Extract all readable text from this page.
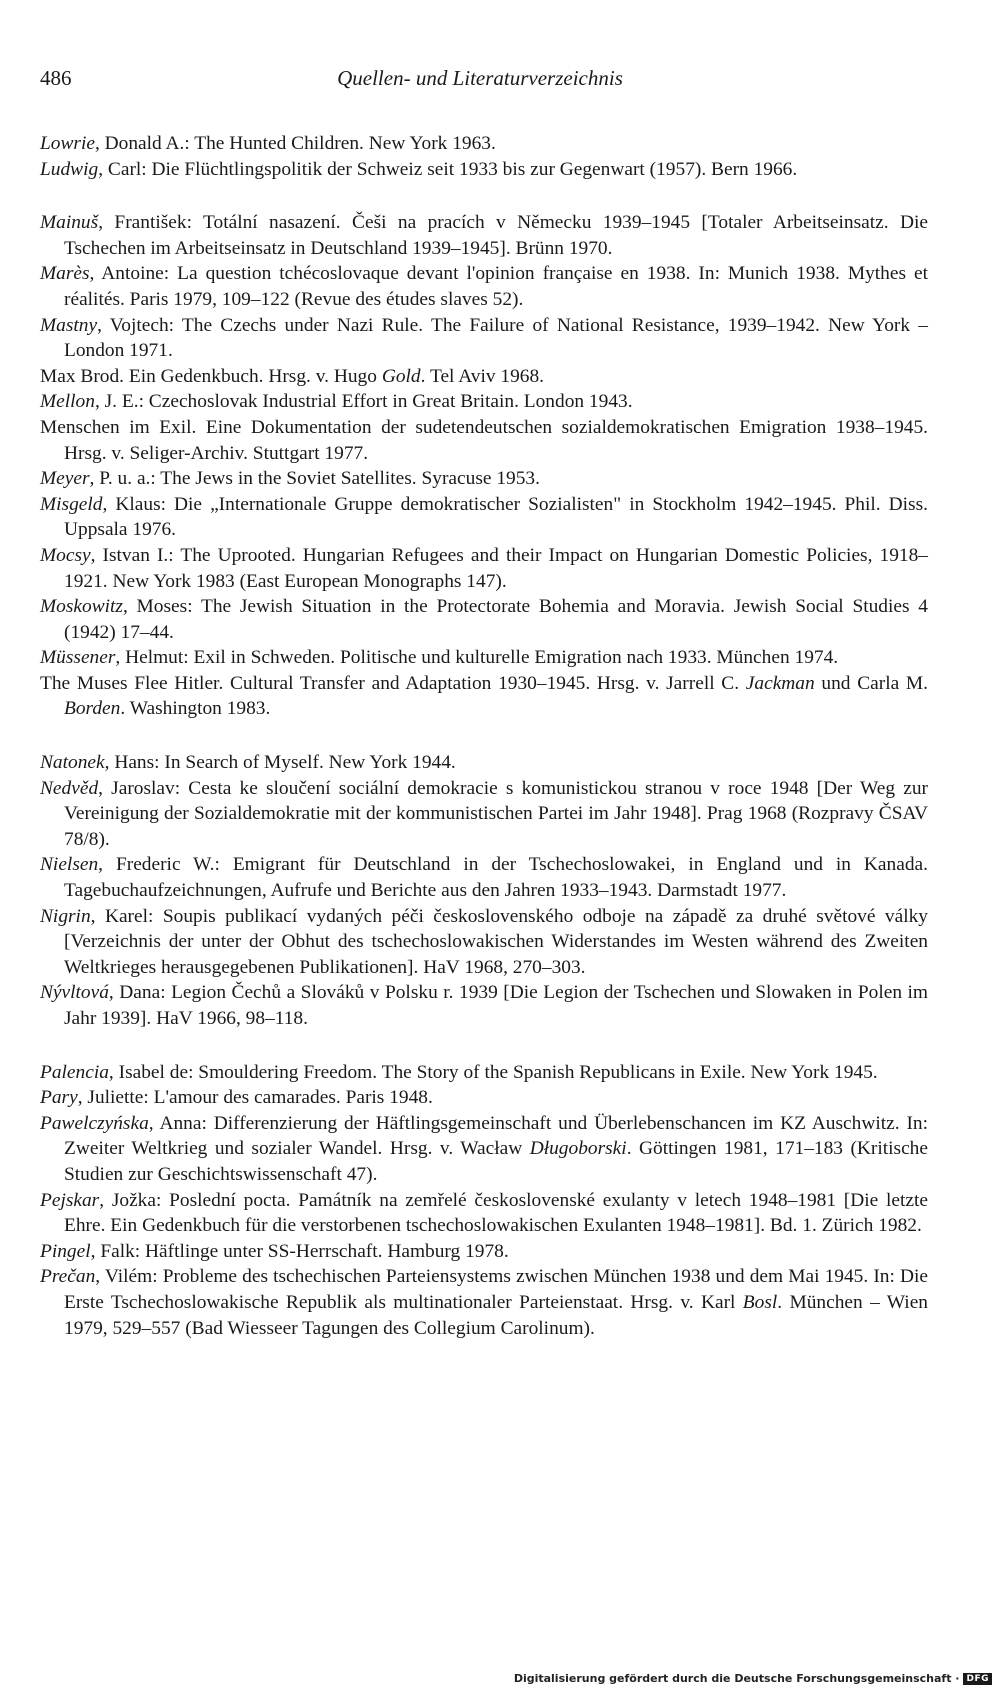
486	Quellen- und Literaturverzeichnis

Lowrie, Donald A.: The Hunted Children. New York 1963.

Ludwig, Carl: Die Flüchtlingspolitik der Schweiz seit 1933 bis zur Gegenwart (1957). Bern 1966.

Mainuš, František: Totální nasazení. Češi na pracích v Německu 1939–1945 [Totaler Arbeitseinsatz. Die Tschechen im Arbeitseinsatz in Deutschland 1939–1945]. Brünn 1970.

Marès, Antoine: La question tchécoslovaque devant l'opinion française en 1938. In: Munich 1938. Mythes et réalités. Paris 1979, 109–122 (Revue des études slaves 52).

Mastny, Vojtech: The Czechs under Nazi Rule. The Failure of National Resistance, 1939–1942. New York – London 1971.

Max Brod. Ein Gedenkbuch. Hrsg. v. Hugo Gold. Tel Aviv 1968.

Mellon, J. E.: Czechoslovak Industrial Effort in Great Britain. London 1943.

Menschen im Exil. Eine Dokumentation der sudetendeutschen sozialdemokratischen Emigration 1938–1945. Hrsg. v. Seliger-Archiv. Stuttgart 1977.

Meyer, P. u. a.: The Jews in the Soviet Satellites. Syracuse 1953.

Misgeld, Klaus: Die „Internationale Gruppe demokratischer Sozialisten" in Stockholm 1942–1945. Phil. Diss. Uppsala 1976.

Mocsy, Istvan I.: The Uprooted. Hungarian Refugees and their Impact on Hungarian Domestic Policies, 1918–1921. New York 1983 (East European Monographs 147).

Moskowitz, Moses: The Jewish Situation in the Protectorate Bohemia and Moravia. Jewish Social Studies 4 (1942) 17–44.

Müssener, Helmut: Exil in Schweden. Politische und kulturelle Emigration nach 1933. München 1974.

The Muses Flee Hitler. Cultural Transfer and Adaptation 1930–1945. Hrsg. v. Jarrell C. Jackman und Carla M. Borden. Washington 1983.

Natonek, Hans: In Search of Myself. New York 1944.

Nedvěd, Jaroslav: Cesta ke sloučení sociální demokracie s komunistickou stranou v roce 1948 [Der Weg zur Vereinigung der Sozialdemokratie mit der kommunistischen Partei im Jahr 1948]. Prag 1968 (Rozpravy ČSAV 78/8).

Nielsen, Frederic W.: Emigrant für Deutschland in der Tschechoslowakei, in England und in Kanada. Tagebuchaufzeichnungen, Aufrufe und Berichte aus den Jahren 1933–1943. Darmstadt 1977.

Nigrin, Karel: Soupis publikací vydaných péči československého odboje na západě za druhé světové války [Verzeichnis der unter der Obhut des tschechoslowakischen Widerstandes im Westen während des Zweiten Weltkrieges herausgegebenen Publikationen]. HaV 1968, 270–303.

Nývltová, Dana: Legion Čechů a Slováků v Polsku r. 1939 [Die Legion der Tschechen und Slowaken in Polen im Jahr 1939]. HaV 1966, 98–118.

Palencia, Isabel de: Smouldering Freedom. The Story of the Spanish Republicans in Exile. New York 1945.

Pary, Juliette: L'amour des camarades. Paris 1948.

Pawelczyńska, Anna: Differenzierung der Häftlingsgemeinschaft und Überlebenschancen im KZ Auschwitz. In: Zweiter Weltkrieg und sozialer Wandel. Hrsg. v. Wacław Długoborski. Göttingen 1981, 171–183 (Kritische Studien zur Geschichtswissenschaft 47).

Pejskar, Jožka: Poslední pocta. Památník na zemřelé československé exulanty v letech 1948–1981 [Die letzte Ehre. Ein Gedenkbuch für die verstorbenen tschechoslowakischen Exulanten 1948–1981]. Bd. 1. Zürich 1982.

Pingel, Falk: Häftlinge unter SS-Herrschaft. Hamburg 1978.

Prečan, Vilém: Probleme des tschechischen Parteiensystems zwischen München 1938 und dem Mai 1945. In: Die Erste Tschechoslowakische Republik als multinationaler Parteienstaat. Hrsg. v. Karl Bosl. München – Wien 1979, 529–557 (Bad Wiesseer Tagungen des Collegium Carolinum).

Digitalisierung gefördert durch die Deutsche Forschungsgemeinschaft · DFG
